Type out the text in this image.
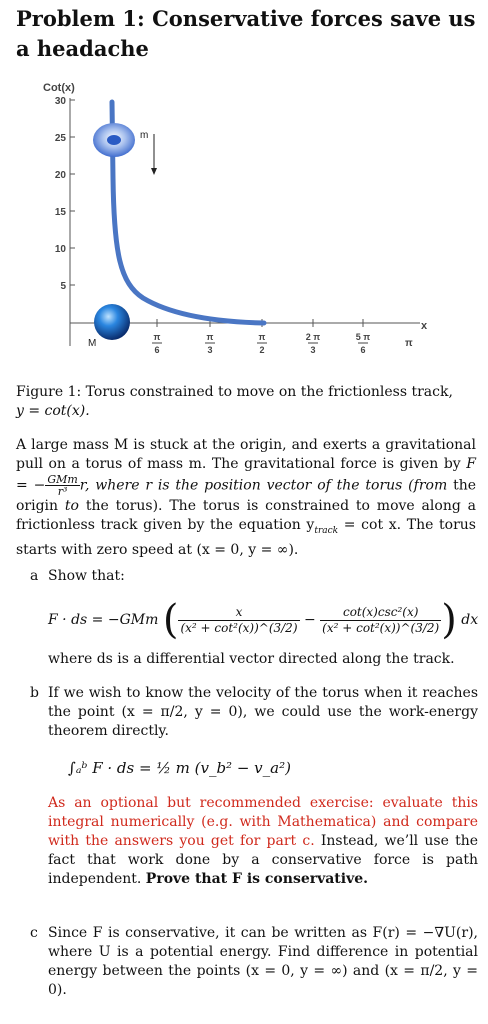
Problem 1: Conservative forces save us a headache
Cot(x)
30
25
20
15
10
5
x
π
6
π
3
π
2
2 π
3
5 π
6
π
m
M
Figure 1: Torus constrained to move on the frictionless track,
y = cot(x).
A large mass M is stuck at the origin, and exerts a gravitational pull on a torus of mass m. The gravitational force is given by F = − $\frac{\text{GMm}}{\text{r³}} r$, where r is the position vector of the torus (from the origin to the torus). The torus is constrained to move along a frictionless track given by the equation $y_{track} = \cot x$. The torus starts with zero speed at (x = 0, y = ∞).
a Show that:
F · ds = −GMm ( $\frac{x}{\text{(x² + cot²(x))\textasciicircum{}(3/2)}} - \frac{\text{cot(x)csc²(x)}}{\text{(x² + cot²(x))\textasciicircum{}(3/2)}}$ ) dx
where ds is a differential vector directed along the track.
b If we wish to know the velocity of the torus when it reaches the point (x = π/2, y = 0), we could use the work-energy theorem directly.
∫ₐᵇ F · ds = ½ m (v_b² − v_a²)
As an optional but recommended exercise: evaluate this integral numerically (e.g. with Mathematica) and compare with the answers you get for part c. Instead, we’ll use the fact that work done by a conservative force is path independent. Prove that F is conservative.
c Since F is conservative, it can be written as F(r) = −∇U(r), where U is a potential energy. Find difference in potential energy between the points (x = 0, y = ∞) and (x = π/2, y = 0).
